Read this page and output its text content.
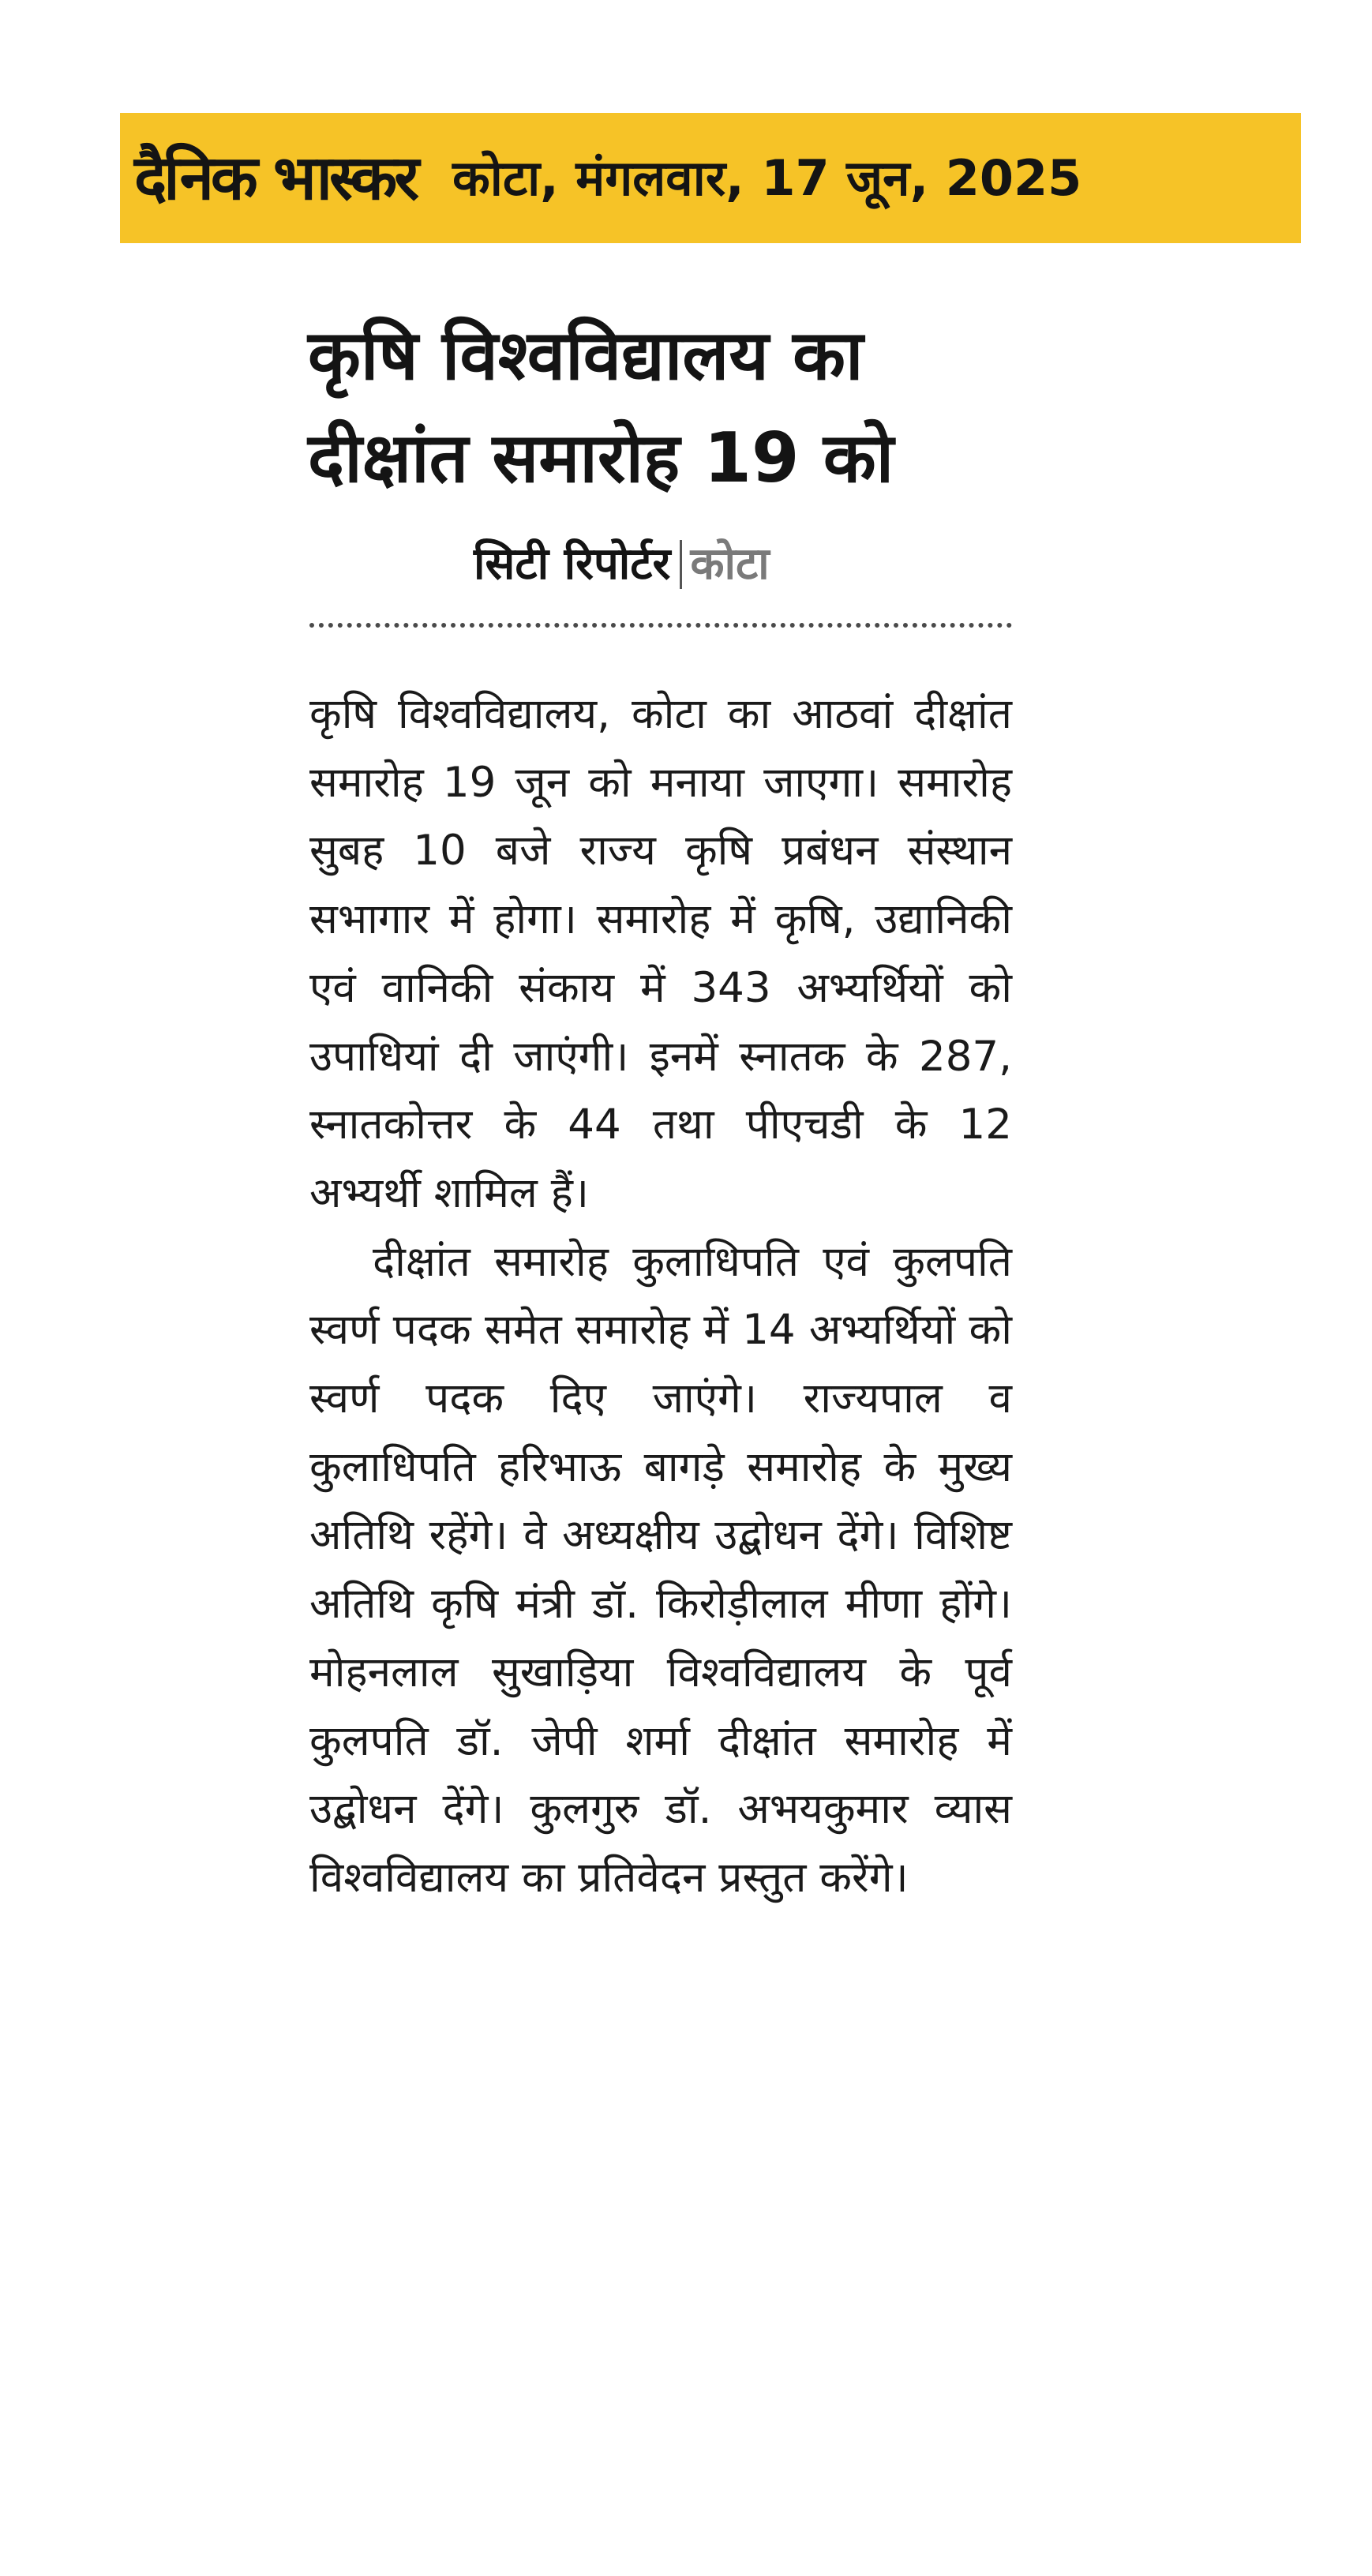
दैनिक भास्कर कोटा, मंगलवार, 17 जून, 2025
कृषि विश्वविद्यालय का
दीक्षांत समारोह 19 को
सिटी रिपोर्टर कोटा

कृषि विश्वविद्यालय, कोटा का आठवां दीक्षांत समारोह 19 जून को मनाया जाएगा। समारोह सुबह 10 बजे राज्य कृषि प्रबंधन संस्थान सभागार में होगा। समारोह में कृषि, उद्यानिकी एवं वानिकी संकाय में 343 अभ्यर्थियों को उपाधियां दी जाएंगी। इनमें स्नातक के 287, स्नातकोत्तर के 44 तथा पीएचडी के 12 अभ्यर्थी शामिल हैं।

दीक्षांत समारोह कुलाधिपति एवं कुलपति स्वर्ण पदक समेत समारोह में 14 अभ्यर्थियों को स्वर्ण पदक दिए जाएंगे। राज्यपाल व कुलाधिपति हरिभाऊ बागड़े समारोह के मुख्य अतिथि रहेंगे। वे अध्यक्षीय उद्बोधन देंगे। विशिष्ट अतिथि कृषि मंत्री डॉ. किरोड़ीलाल मीणा होंगे। मोहनलाल सुखाड़िया विश्वविद्यालय के पूर्व कुलपति डॉ. जेपी शर्मा दीक्षांत समारोह में उद्बोधन देंगे। कुलगुरु डॉ. अभयकुमार व्यास विश्वविद्यालय का प्रतिवेदन प्रस्तुत करेंगे।
